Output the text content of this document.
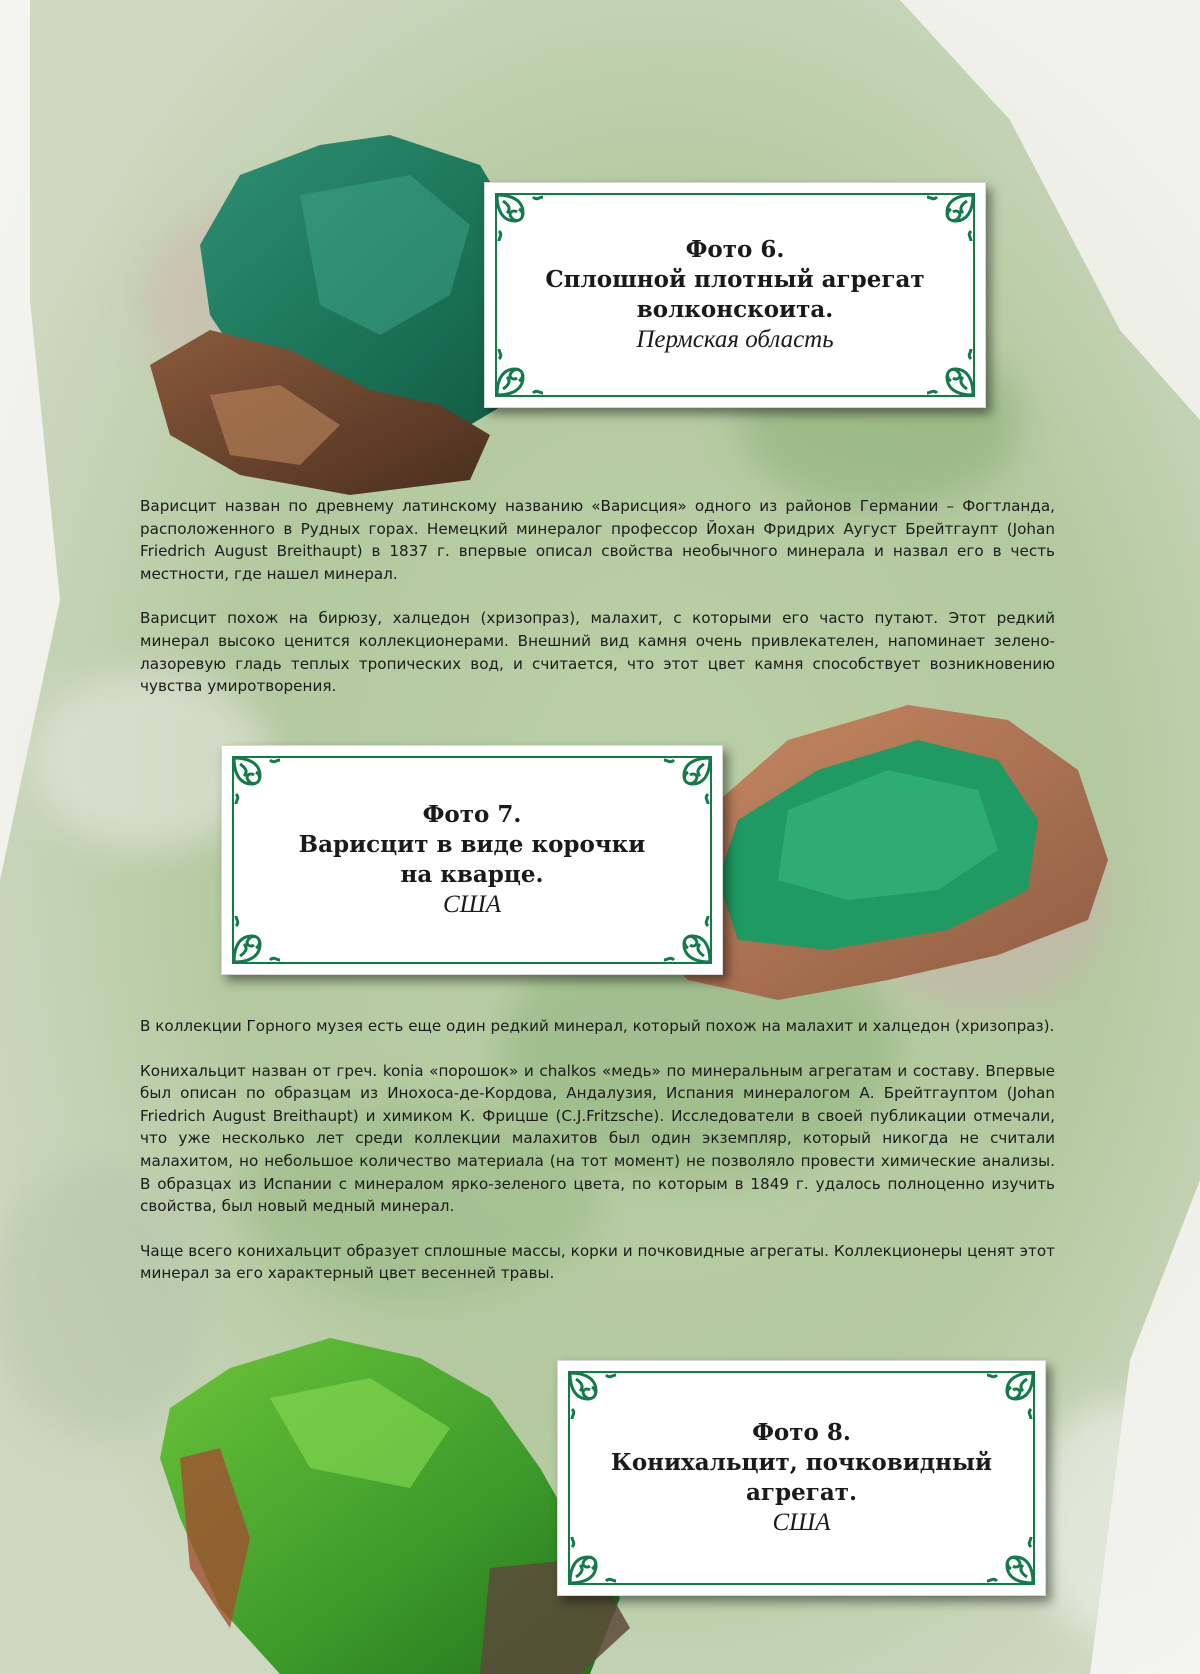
Фото 6.
Сплошной плотный агрегат
волконскоита.
Пермская область

Варисцит назван по древнему латинскому названию «Варисция» одного из районов Германии – Фогтланда, расположенного в Рудных горах. Немецкий минералог профессор Йохан Фридрих Аугуст Брейтгаупт (Johan Friedrich August Breithaupt) в 1837 г. впервые описал свойства необычного минерала и назвал его в честь местности, где нашел минерал.

Варисцит похож на бирюзу, халцедон (хризопраз), малахит, с которыми его часто путают. Этот редкий минерал высоко ценится коллекционерами. Внешний вид камня очень привлекателен, напоминает зелено-лазоревую гладь теплых тропических вод, и считается, что этот цвет камня способствует возникновению чувства умиротворения.

Фото 7.
Варисцит в виде корочки
на кварце.
США

В коллекции Горного музея есть еще один редкий минерал, который похож на малахит и халцедон (хризопраз).

Конихальцит назван от греч. konia «порошок» и chalkos «медь» по минеральным агрегатам и составу. Впервые был описан по образцам из Инохоса-де-Кордова, Андалузия, Испания минералогом А. Брейтгауптом (Johan Friedrich August Breithaupt) и химиком К. Фрицше (C.J.Fritzsche). Исследователи в своей публикации отмечали, что уже несколько лет среди коллекции малахитов был один экземпляр, который никогда не считали малахитом, но небольшое количество материала (на тот момент) не позволяло провести химические анализы. В образцах из Испании с минералом ярко-зеленого цвета, по которым в 1849 г. удалось полноценно изучить свойства, был новый медный минерал.

Чаще всего конихальцит образует сплошные массы, корки и почковидные агрегаты. Коллекционеры ценят этот минерал за его характерный цвет весенней травы.

Фото 8.
Конихальцит, почковидный
агрегат.
США
